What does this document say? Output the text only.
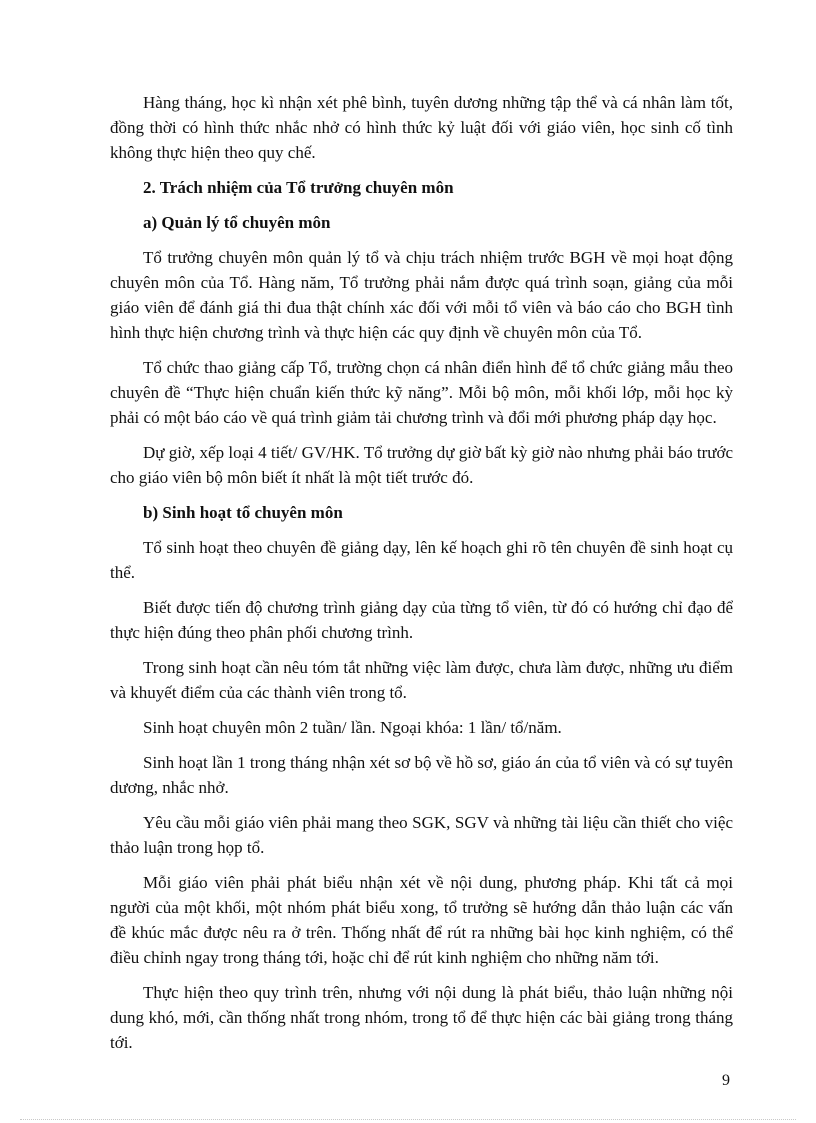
Hàng tháng, học kì nhận xét phê bình, tuyên dương những tập thể và cá nhân làm tốt, đồng thời có hình thức nhắc nhở có hình thức kỷ luật đối với giáo viên, học sinh cố tình không thực hiện theo quy chế.

2. Trách nhiệm của Tổ trưởng chuyên môn

a) Quản lý tổ chuyên môn

Tổ trưởng chuyên môn quản lý tổ và chịu trách nhiệm trước BGH về mọi hoạt động chuyên môn của Tổ. Hàng năm, Tổ trưởng phải nắm được quá trình soạn, giảng của mỗi giáo viên để đánh giá thi đua thật chính xác đối với mỗi tổ viên và báo cáo cho BGH tình hình thực hiện chương trình và thực hiện các quy định về chuyên môn của Tổ.

Tổ chức thao giảng cấp Tổ, trường chọn cá nhân điển hình để tổ chức giảng mẫu theo chuyên đề “Thực hiện chuẩn kiến thức kỹ năng”. Mỗi bộ môn, mỗi khối lớp, mỗi học kỳ phải có một báo cáo về quá trình giảm tải chương trình và đổi mới phương pháp dạy học.

Dự giờ, xếp loại 4 tiết/ GV/HK. Tổ trưởng dự giờ bất kỳ giờ nào nhưng phải báo trước cho giáo viên bộ môn biết ít nhất là một tiết trước đó.

b) Sinh hoạt tổ chuyên môn

Tổ sinh hoạt theo chuyên đề giảng dạy, lên kế hoạch ghi rõ tên chuyên đề sinh hoạt cụ thể.

Biết được tiến độ chương trình giảng dạy của từng tổ viên, từ đó có hướng chỉ đạo để thực hiện đúng theo phân phối chương trình.

Trong sinh hoạt cần nêu tóm tắt những việc làm được, chưa làm được, những ưu điểm và khuyết điểm của các thành viên trong tổ.

Sinh hoạt chuyên môn 2 tuần/ lần. Ngoại khóa: 1 lần/ tổ/năm.

Sinh hoạt lần 1 trong tháng nhận xét sơ bộ về hồ sơ, giáo án của tổ viên và có sự tuyên dương, nhắc nhở.

Yêu cầu mỗi giáo viên phải mang theo SGK, SGV và những tài liệu cần thiết cho việc thảo luận trong họp tổ.

Mỗi giáo viên phải phát biểu nhận xét về nội dung, phương pháp. Khi tất cả mọi người của một khối, một nhóm phát biểu xong, tổ trưởng sẽ hướng dẫn thảo luận các vấn đề khúc mắc được nêu ra ở trên. Thống nhất để rút ra những bài học kinh nghiệm, có thể điều chỉnh ngay trong tháng tới, hoặc chỉ để rút kinh nghiệm cho những năm tới.

Thực hiện theo quy trình trên, nhưng với nội dung là phát biểu, thảo luận những nội dung khó, mới, cần thống nhất trong nhóm, trong tổ để thực hiện các bài giảng trong tháng tới.

9
